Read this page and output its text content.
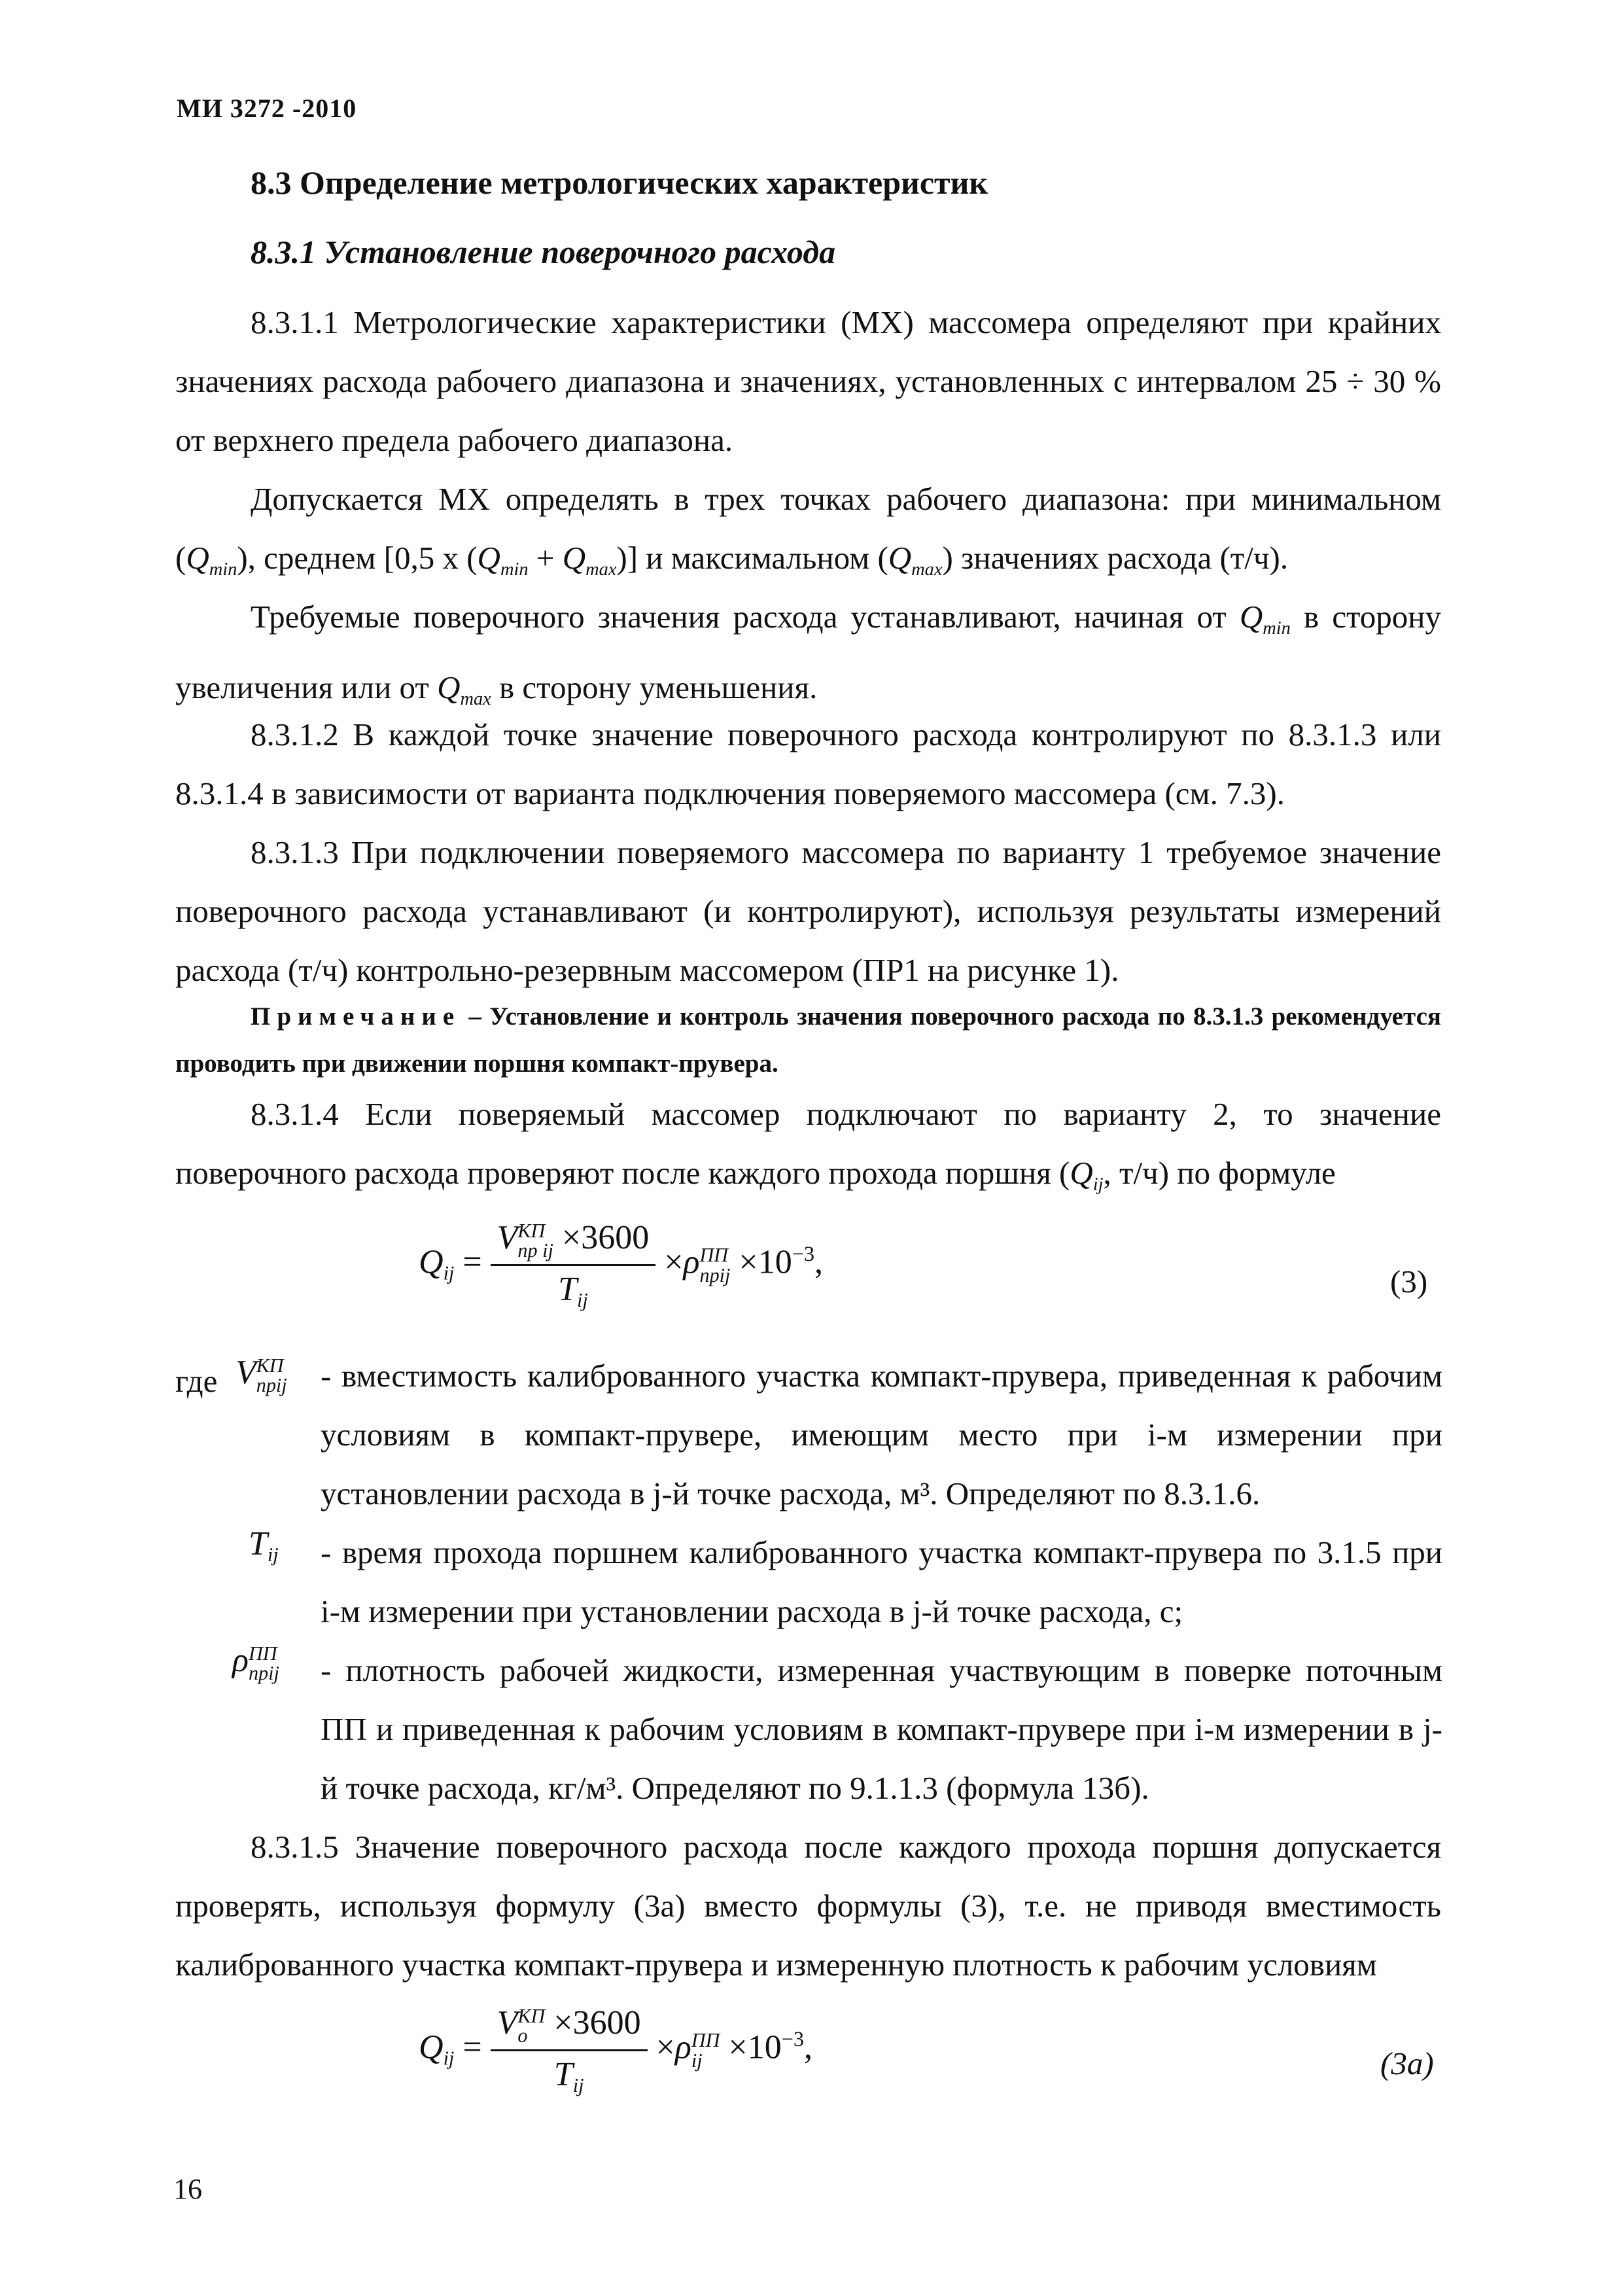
МИ 3272 -2010
8.3 Определение метрологических характеристик
8.3.1 Установление поверочного расхода
8.3.1.1 Метрологические характеристики (МХ) массомера определяют при крайних значениях расхода рабочего диапазона и значениях, установленных с интервалом 25 ÷ 30 % от верхнего предела рабочего диапазона.
Допускается МХ определять в трех точках рабочего диапазона: при минимальном $(Q_{min})$, среднем [0,5 x $(Q_{min} + Q_{max})$] и максимальном $(Q_{max})$ значениях расхода (т/ч).
Требуемые поверочного значения расхода устанавливают, начиная от $Q_{min}$ в сторону увеличения или от $Q_{max}$ в сторону уменьшения.
8.3.1.2 В каждой точке значение поверочного расхода контролируют по 8.3.1.3 или 8.3.1.4 в зависимости от варианта подключения поверяемого массомера (см. 7.3).
8.3.1.3 При подключении поверяемого массомера по варианту 1 требуемое значение поверочного расхода устанавливают (и контролируют), используя результаты измерений расхода (т/ч) контрольно-резервным массомером (ПР1 на рисунке 1).
Примечание – Установление и контроль значения поверочного расхода по 8.3.1.3 рекомендуется проводить при движении поршня компакт-прувера.
8.3.1.4 Если поверяемый массомер подключают по варианту 2, то значение поверочного расхода проверяют после каждого прохода поршня ($Q_{ij}$, т/ч) по формуле
Qij = V КП
пр ij ×3600
Tij ×ρ ПП
прij $\times 10^{-3}$,
(3)
где V КП
прij - вместимость калиброванного участка компакт-прувера, приведенная к рабочим условиям в компакт-прувере, имеющим место при i-м измерении при установлении расхода в j-й точке расхода, м³. Определяют по 8.3.1.6.
Tij - время прохода поршнем калиброванного участка компакт-прувера по 3.1.5 при i-м измерении при установлении расхода в j-й точке расхода, с;
ρ ПП
прij - плотность рабочей жидкости, измеренная участвующим в поверке поточным ПП и приведенная к рабочим условиям в компакт-прувере при i-м измерении в j-й точке расхода, кг/м³. Определяют по 9.1.1.3 (формула 13б).
8.3.1.5 Значение поверочного расхода после каждого прохода поршня допускается проверять, используя формулу (3а) вместо формулы (3), т.е. не приводя вместимость калиброванного участка компакт-прувера и измеренную плотность к рабочим условиям
Qij = V КП
o ×3600
Tij ×ρ ПП
ij $\times 10^{-3}$,	(3а)
16
